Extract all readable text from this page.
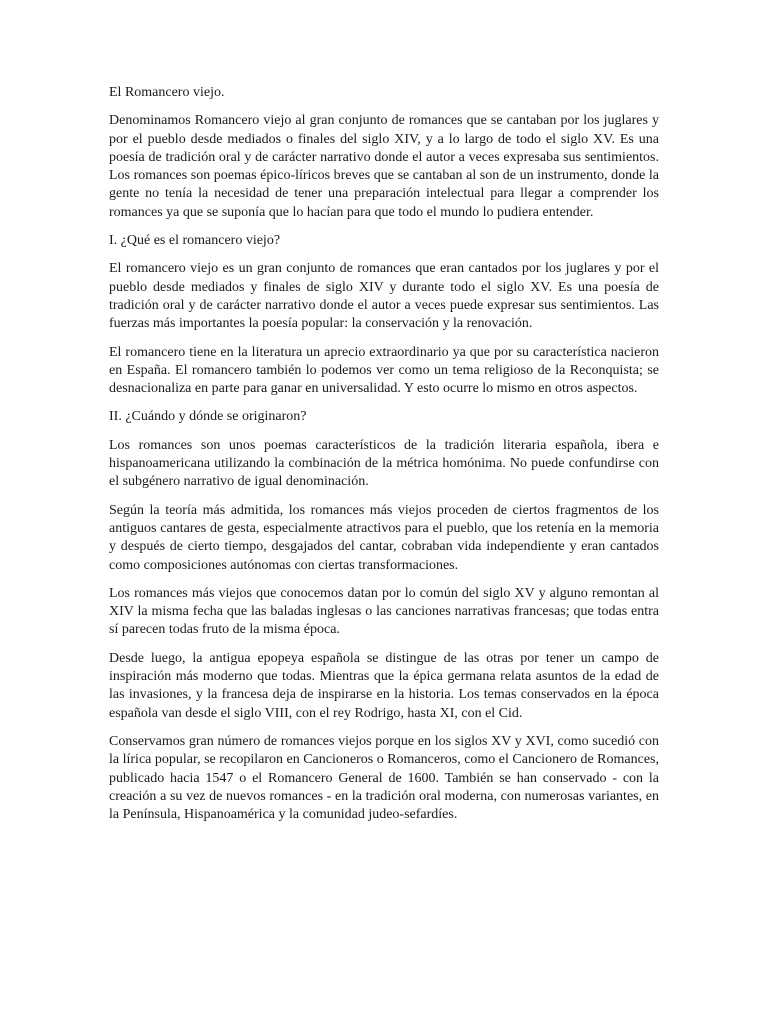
El Romancero viejo.

Denominamos Romancero viejo al gran conjunto de romances que se cantaban por los juglares y por el pueblo desde mediados o finales del siglo XIV, y a lo largo de todo el siglo XV. Es una poesía de tradición oral y de carácter narrativo donde el autor a veces expresaba sus sentimientos. Los romances son poemas épico-líricos breves que se cantaban al son de un instrumento, donde la gente no tenía la necesidad de tener una preparación intelectual para llegar a comprender los romances ya que se suponía que lo hacían para que todo el mundo lo pudiera entender.

I. ¿Qué es el romancero viejo?

El romancero viejo es un gran conjunto de romances que eran cantados por los juglares y por el pueblo desde mediados y finales de siglo XIV y durante todo el siglo XV. Es una poesía de tradición oral y de carácter narrativo donde el autor a veces puede expresar sus sentimientos. Las fuerzas más importantes la poesía popular: la conservación y la renovación.

El romancero tiene en la literatura un aprecio extraordinario ya que por su característica nacieron en España. El romancero también lo podemos ver como un tema religioso de la Reconquista; se desnacionaliza en parte para ganar en universalidad. Y esto ocurre lo mismo en otros aspectos.

II. ¿Cuándo y dónde se originaron?

Los romances son unos poemas característicos de la tradición literaria española, ibera e hispanoamericana utilizando la combinación de la métrica homónima. No puede confundirse con el subgénero narrativo de igual denominación.

Según la teoría más admitida, los romances más viejos proceden de ciertos fragmentos de los antiguos cantares de gesta, especialmente atractivos para el pueblo, que los retenía en la memoria y después de cierto tiempo, desgajados del cantar, cobraban vida independiente y eran cantados como composiciones autónomas con ciertas transformaciones.

Los romances más viejos que conocemos datan por lo común del siglo XV y alguno remontan al XIV la misma fecha que las baladas inglesas o las canciones narrativas francesas; que todas entra sí parecen todas fruto de la misma época.

Desde luego, la antigua epopeya española se distingue de las otras por tener un campo de inspiración más moderno que todas. Mientras que la épica germana relata asuntos de la edad de las invasiones, y la francesa deja de inspirarse en la historia. Los temas conservados en la época española van desde el siglo VIII, con el rey Rodrigo, hasta XI, con el Cid.

Conservamos gran número de romances viejos porque en los siglos XV y XVI, como sucedió con la lírica popular, se recopilaron en Cancioneros o Romanceros, como el Cancionero de Romances, publicado hacia 1547 o el Romancero General de 1600. También se han conservado - con la creación a su vez de nuevos romances - en la tradición oral moderna, con numerosas variantes, en la Península, Hispanoamérica y la comunidad judeo-sefardíes.
